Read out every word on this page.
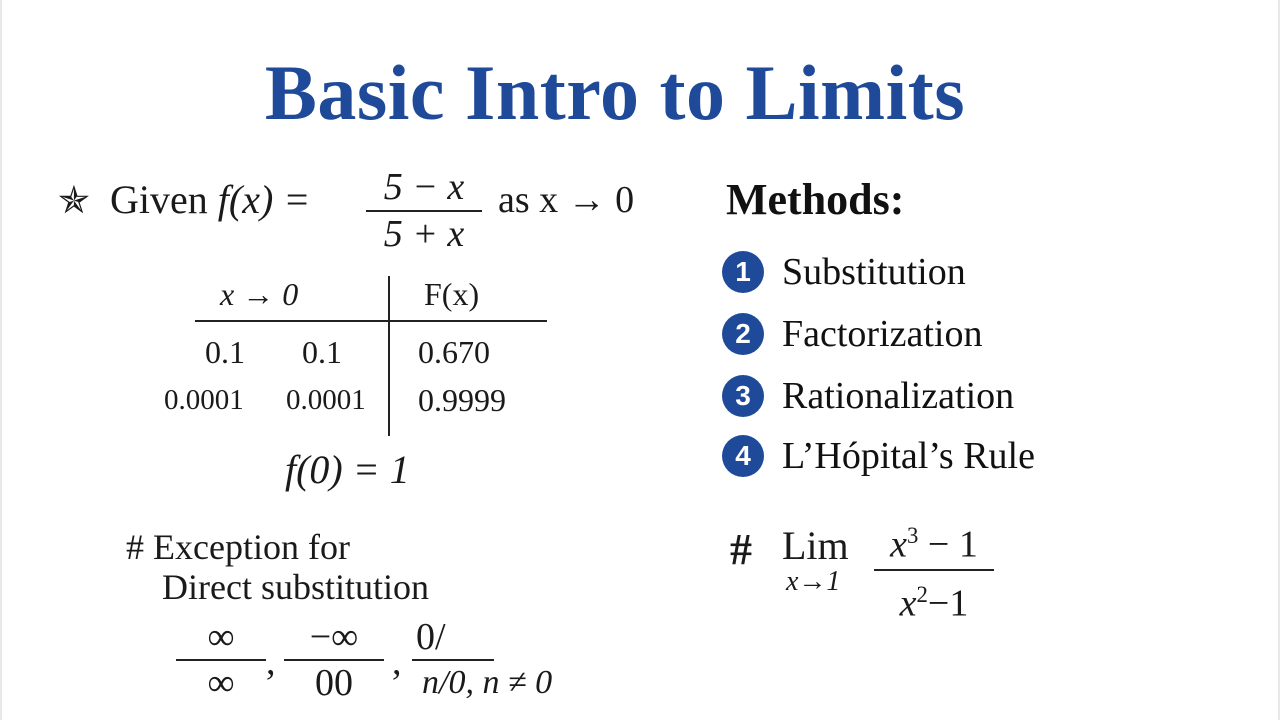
Basic Intro to Limits
✯ Given f(x) =	5 − x
5 + x
as x → 0
x → 0	F(x)
0.1 0.1 0.670
0.0001 0.0001 0.9999
f(0) = 1
# Exception for
Direct substitution
∞
∞ ,
−∞
00	,
0/
n/0, n ≠ 0
Methods:
1 Substitution
2 Factorization
3 Rationalization
4 L’Hópital’s Rule
# Lim
x→1
$x^3 - 1$
$x^2-1$
